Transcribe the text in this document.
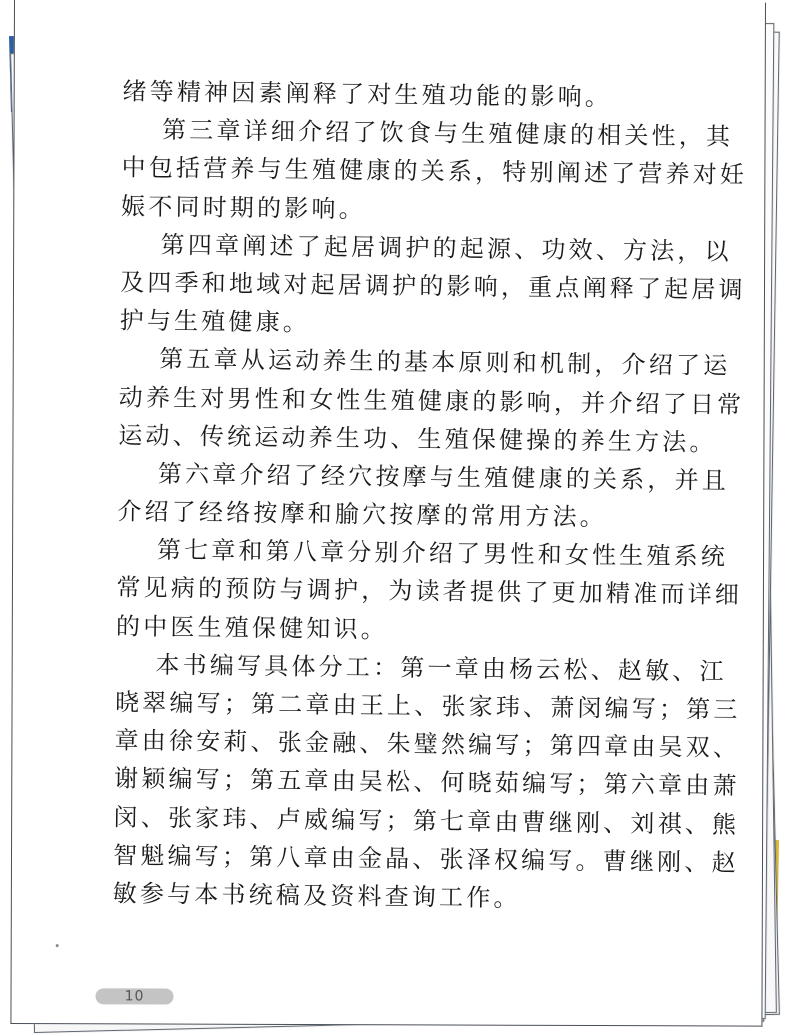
绪等精神因素阐释了对生殖功能的影响。
第三章详细介绍了饮食与生殖健康的相关性，其
中包括营养与生殖健康的关系，特别阐述了营养对妊
娠不同时期的影响。
第四章阐述了起居调护的起源、功效、方法，以
及四季和地域对起居调护的影响，重点阐释了起居调
护与生殖健康。
第五章从运动养生的基本原则和机制，介绍了运
动养生对男性和女性生殖健康的影响，并介绍了日常
运动、传统运动养生功、生殖保健操的养生方法。
第六章介绍了经穴按摩与生殖健康的关系，并且
介绍了经络按摩和腧穴按摩的常用方法。
第七章和第八章分别介绍了男性和女性生殖系统
常见病的预防与调护，为读者提供了更加精准而详细
的中医生殖保健知识。
本书编写具体分工：第一章由杨云松、赵敏、江
晓翠编写；第二章由王上、张家玮、萧闵编写；第三
章由徐安莉、张金融、朱璧然编写；第四章由吴双、
谢颖编写；第五章由吴松、何晓茹编写；第六章由萧
闵、张家玮、卢威编写；第七章由曹继刚、刘祺、熊
智魁编写；第八章由金晶、张泽权编写。曹继刚、赵
敏参与本书统稿及资料查询工作。
10
